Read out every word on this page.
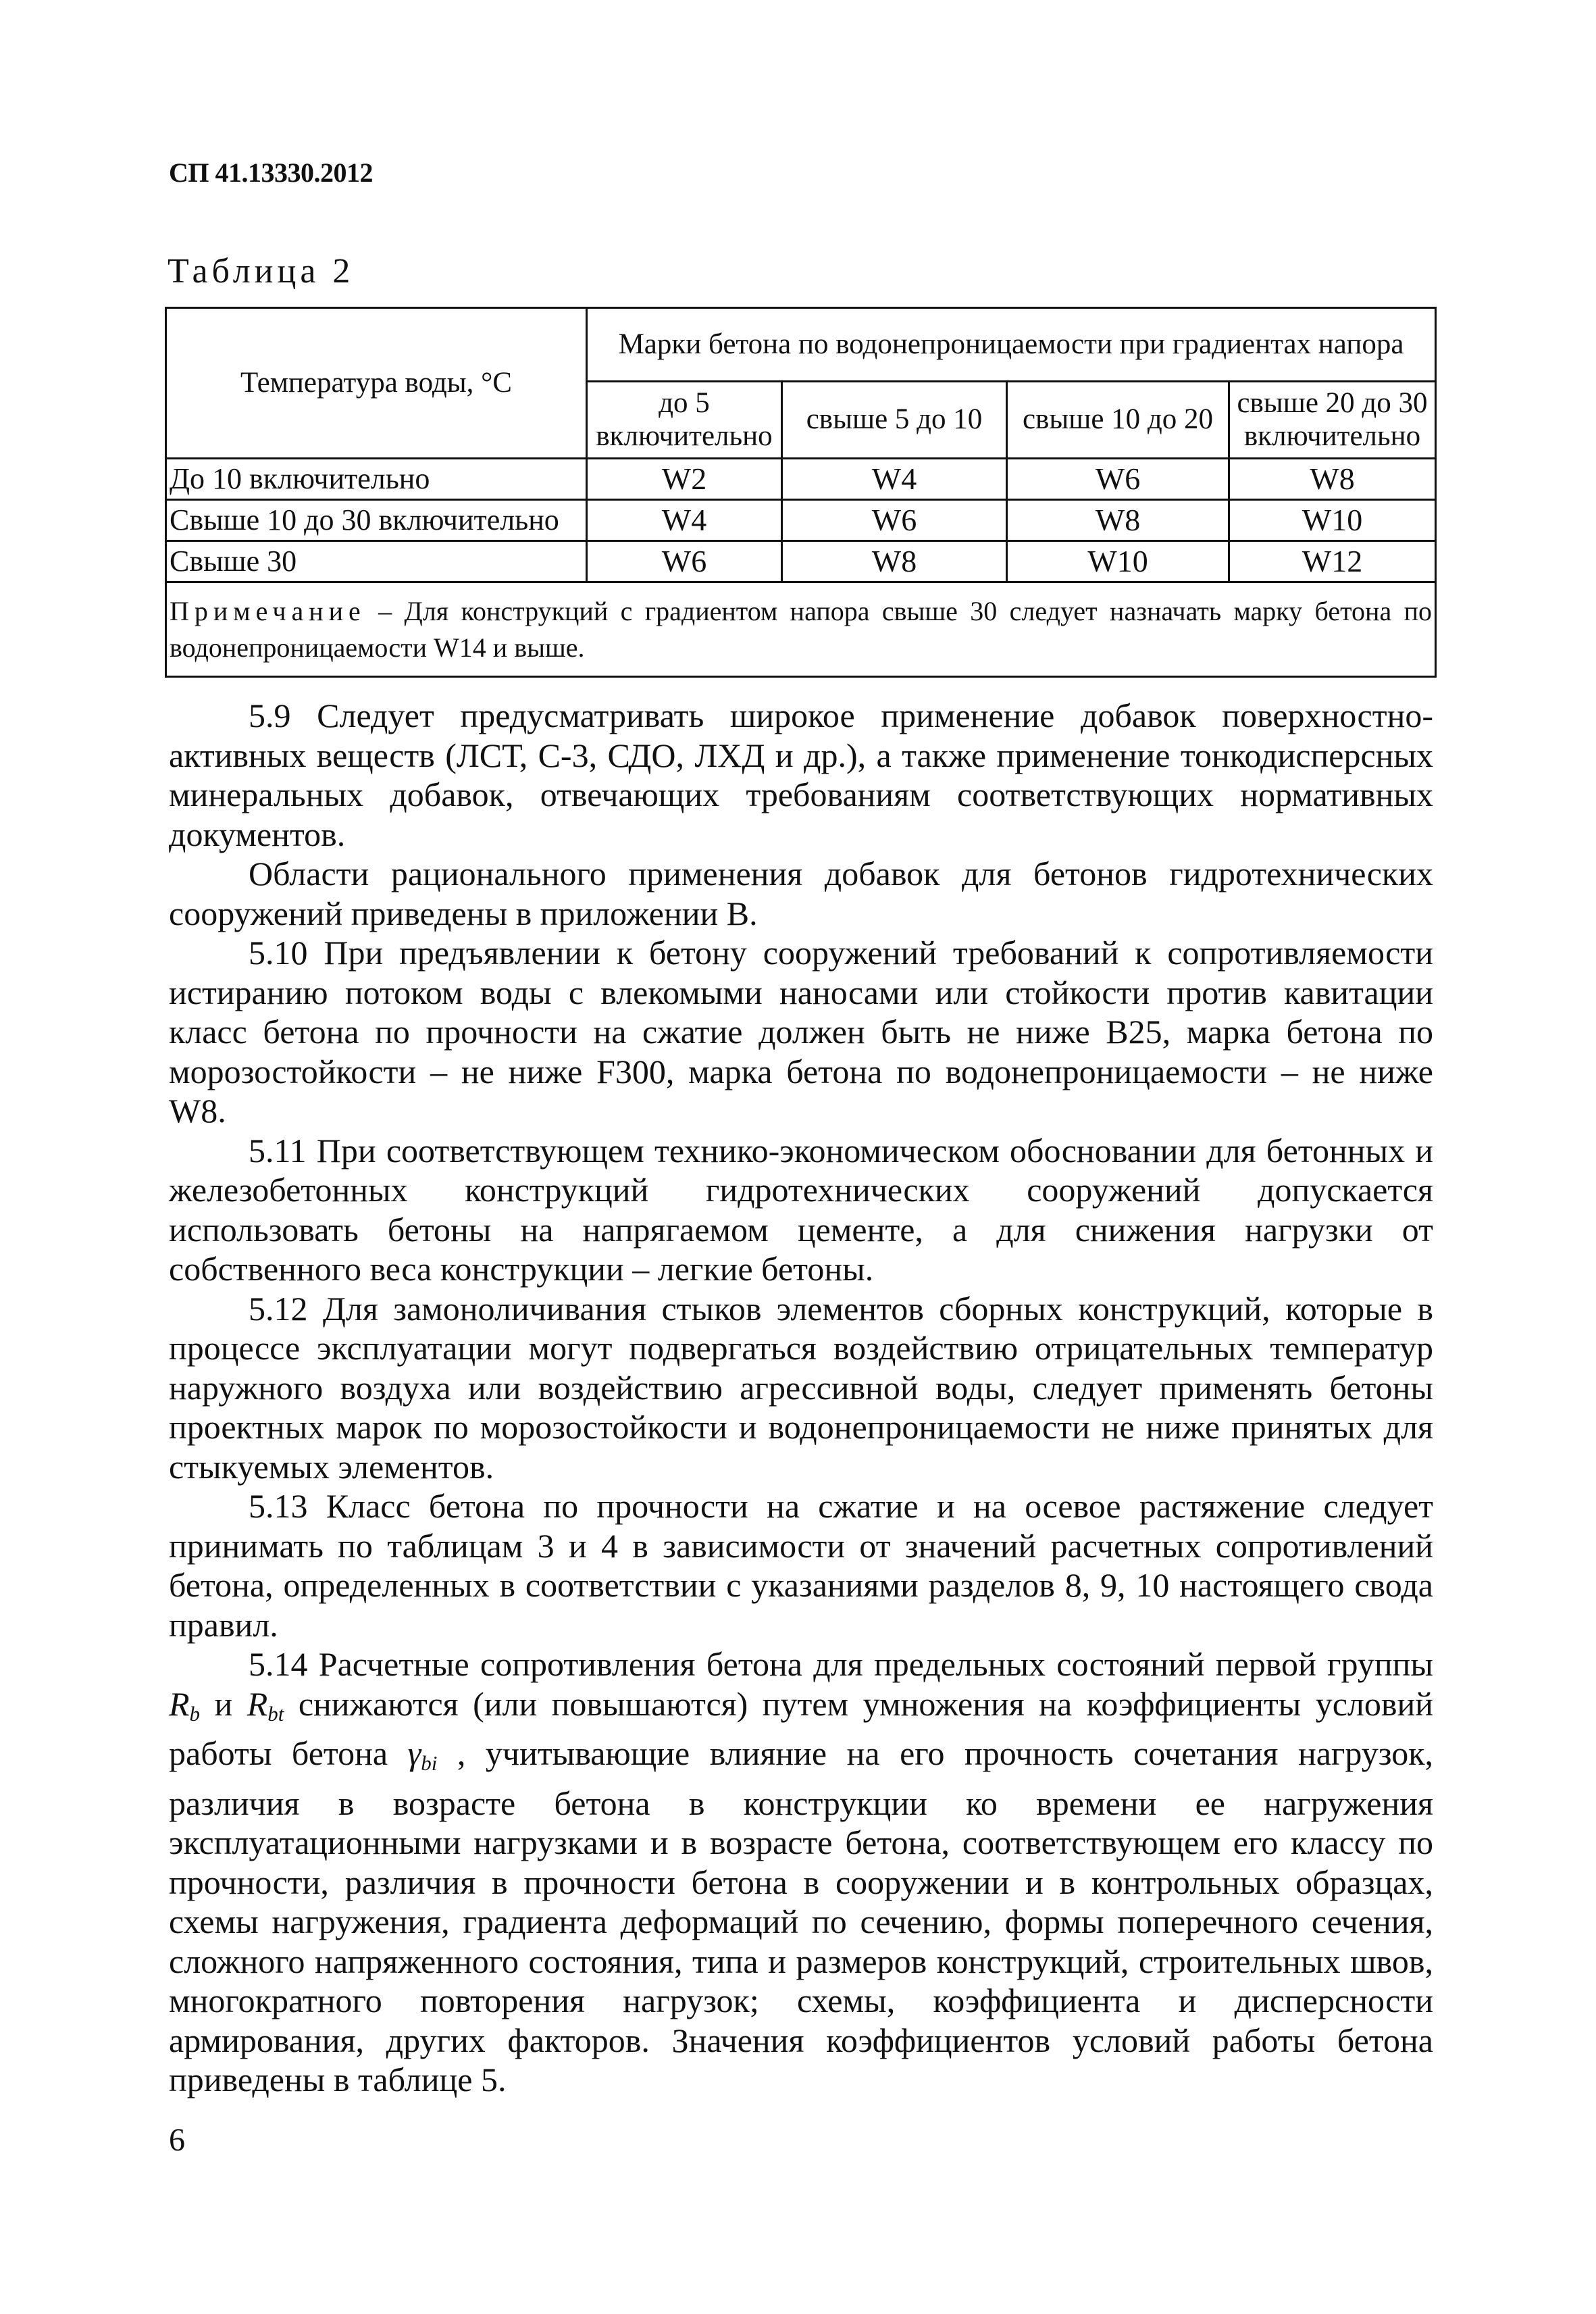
СП 41.13330.2012
Таблица 2
Температура воды, °С	Марки бетона по водонепроницаемости при градиентах напора			
	до 5 включительно	свыше 5 до 10	свыше 10 до 20	свыше 20 до 30 включительно
До 10 включительно	W2	W4	W6	W8
Свыше 10 до 30 включительно	W4	W6	W8	W10
Свыше 30	W6	W8	W10	W12
Примечание – Для конструкций с градиентом напора свыше 30 следует назначать марку бетона по водонепроницаемости W14 и выше.				

5.9 Следует предусматривать широкое применение добавок поверхностно-активных веществ (ЛСТ, С-3, СДО, ЛХД и др.), а также применение тонкодисперсных минеральных добавок, отвечающих требованиям соответствующих нормативных документов.

Области рационального применения добавок для бетонов гидротехнических сооружений приведены в приложении В.

5.10 При предъявлении к бетону сооружений требований к сопротивляемости истиранию потоком воды с влекомыми наносами или стойкости против кавитации класс бетона по прочности на сжатие должен быть не ниже В25, марка бетона по морозостойкости – не ниже F300, марка бетона по водонепроницаемости – не ниже W8.

5.11 При соответствующем технико-экономическом обосновании для бетонных и железобетонных конструкций гидротехнических сооружений допускается использовать бетоны на напрягаемом цементе, а для снижения нагрузки от собственного веса конструкции – легкие бетоны.

5.12 Для замоноличивания стыков элементов сборных конструкций, которые в процессе эксплуатации могут подвергаться воздействию отрицательных температур наружного воздуха или воздействию агрессивной воды, следует применять бетоны проектных марок по морозостойкости и водонепроницаемости не ниже принятых для стыкуемых элементов.

5.13 Класс бетона по прочности на сжатие и на осевое растяжение следует принимать по таблицам 3 и 4 в зависимости от значений расчетных сопротивлений бетона, определенных в соответствии с указаниями разделов 8, 9, 10 настоящего свода правил.

5.14 Расчетные сопротивления бетона для предельных состояний первой группы $R_b$ и $R_{bt}$ снижаются (или повышаются) путем умножения на коэффициенты условий работы бетона $\gamma_{bi}$ , учитывающие влияние на его прочность сочетания нагрузок, различия в возрасте бетона в конструкции ко времени ее нагружения эксплуатационными нагрузками и в возрасте бетона, соответствующем его классу по прочности, различия в прочности бетона в сооружении и в контрольных образцах, схемы нагружения, градиента деформаций по сечению, формы поперечного сечения, сложного напряженного состояния, типа и размеров конструкций, строительных швов, многократного повторения нагрузок; схемы, коэффициента и дисперсности армирования, других факторов. Значения коэффициентов условий работы бетона приведены в таблице 5.

6
